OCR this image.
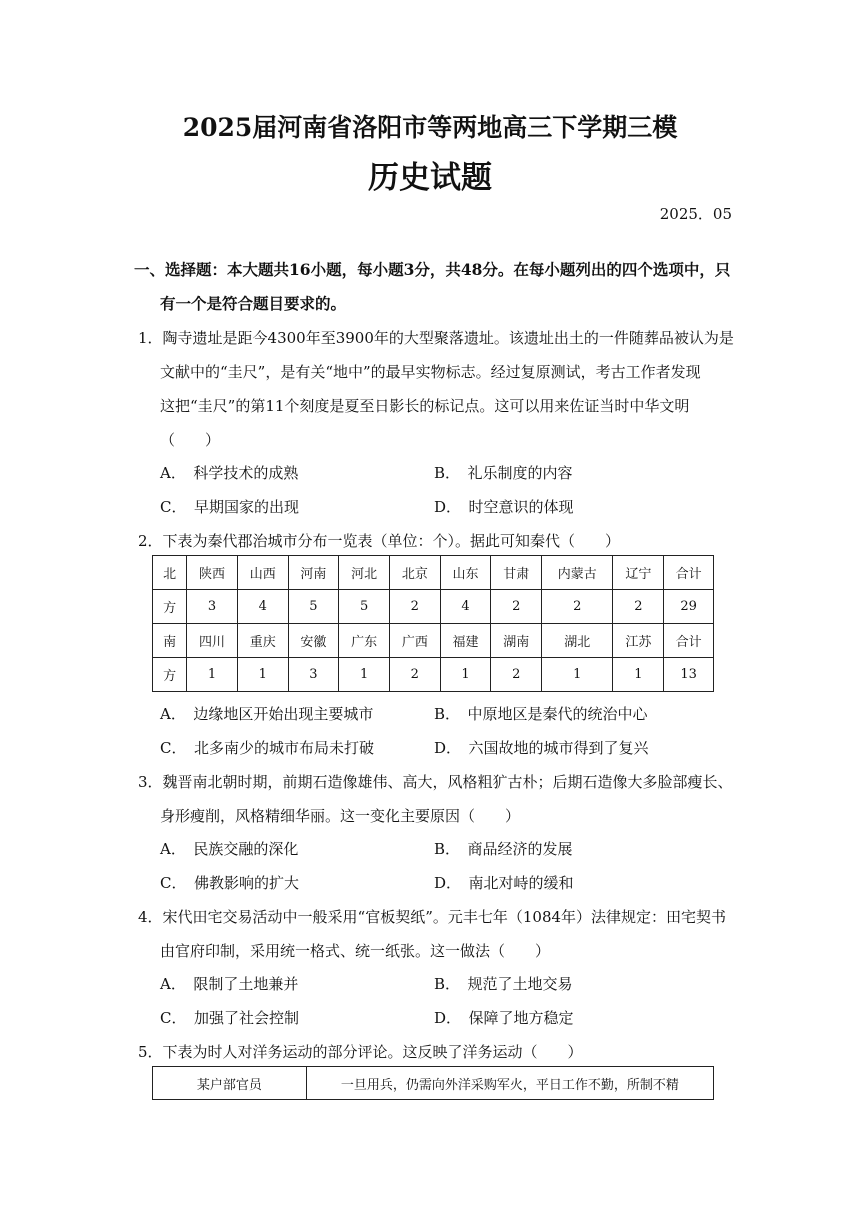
2025届河南省洛阳市等两地高三下学期三模
历史试题
2025．05
一、选择题：本大题共16小题，每小题3分，共48分。在每小题列出的四个选项中，只
有一个是符合题目要求的。
1．陶寺遗址是距今4300年至3900年的大型聚落遗址。该遗址出土的一件随葬品被认为是
文献中的“圭尺”，是有关“地中”的最早实物标志。经过复原测试，考古工作者发现
这把“圭尺”的第11个刻度是夏至日影长的标记点。这可以用来佐证当时中华文明
（　　）
A．　科学技术的成熟	B．　礼乐制度的内容
C．　早期国家的出现	D．　时空意识的体现
2．下表为秦代郡治城市分布一览表（单位：个）。据此可知秦代（　　）
北	陕西	山西	河南	河北	北京	山东	甘肃	内蒙古	辽宁	合计
方	3	4	5	5	2	4	2	2	2	29
南	四川	重庆	安徽	广东	广西	福建	湖南	湖北	江苏	合计
方	1	1	3	1	2	1	2	1	1	13
A．　边缘地区开始出现主要城市	B．　中原地区是秦代的统治中心
C．　北多南少的城市布局未打破	D．　六国故地的城市得到了复兴
3．魏晋南北朝时期，前期石造像雄伟、高大，风格粗犷古朴；后期石造像大多脸部瘦长、
身形瘦削，风格精细华丽。这一变化主要原因（　　）
A．　民族交融的深化	B．　商品经济的发展
C．　佛教影响的扩大	D．　南北对峙的缓和
4．宋代田宅交易活动中一般采用“官板契纸”。元丰七年（1084年）法律规定：田宅契书
由官府印制，采用统一格式、统一纸张。这一做法（　　）
A．　限制了土地兼并	B．　规范了土地交易
C．　加强了社会控制	D．　保障了地方稳定
5．下表为时人对洋务运动的部分评论。这反映了洋务运动（　　）
某户部官员	一旦用兵，仍需向外洋采购军火，平日工作不勤，所制不精
